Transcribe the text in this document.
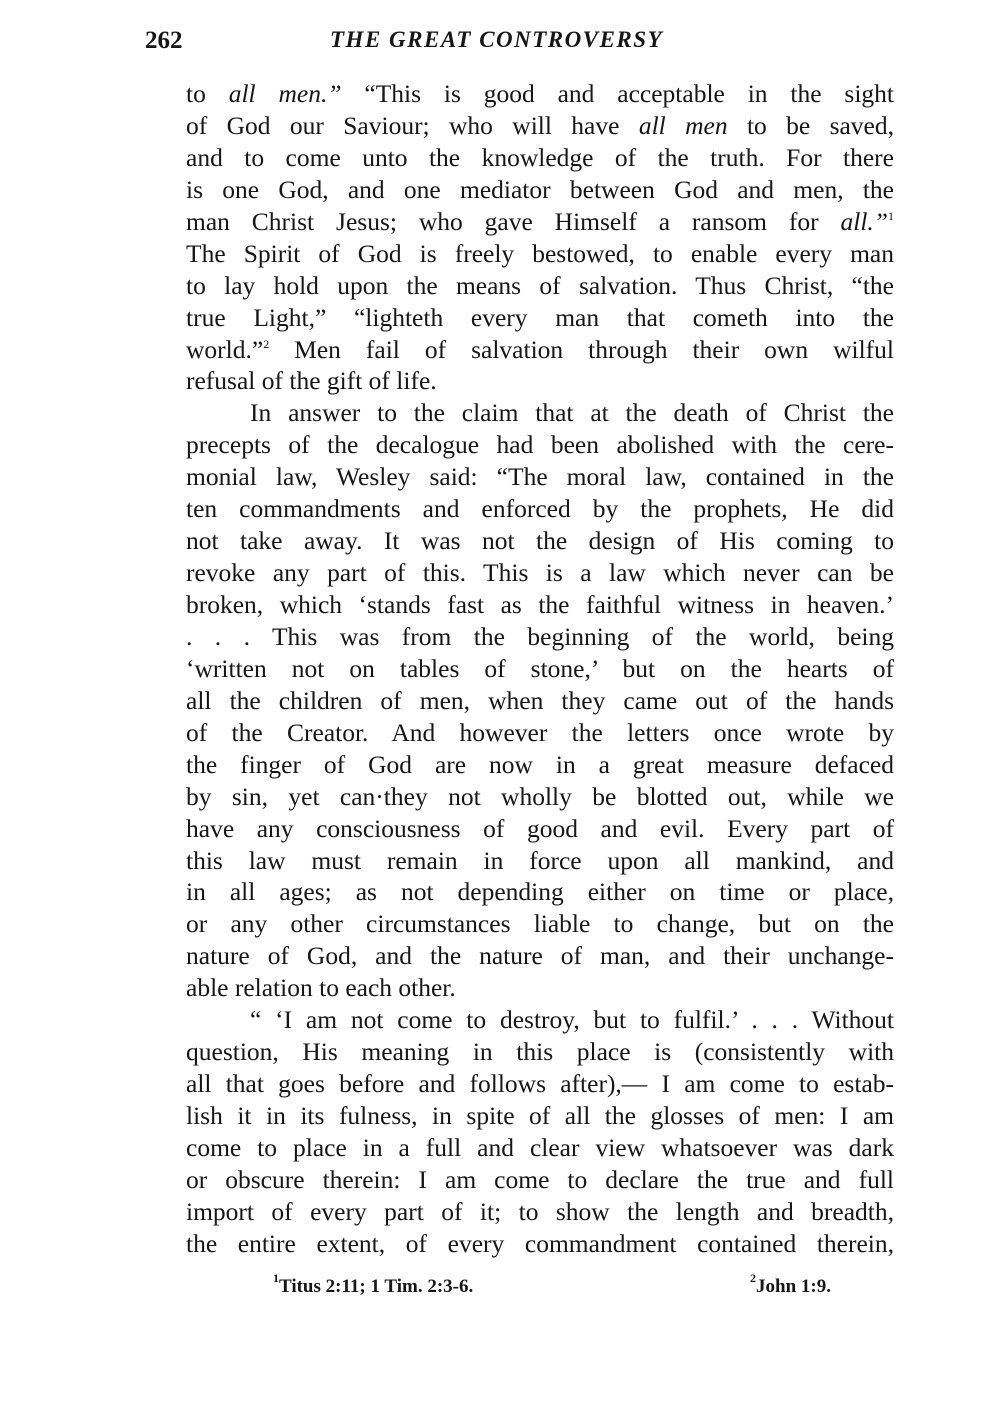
262	THE GREAT CONTROVERSY
to all men.” “This is good and acceptable in the sight
of God our Saviour; who will have all men to be saved,
and to come unto the knowledge of the truth. For there
is one God, and one mediator between God and men, the
man Christ Jesus; who gave Himself a ransom for all.”$^1$
The Spirit of God is freely bestowed, to enable every man
to lay hold upon the means of salvation. Thus Christ, “the
true Light,” “lighteth every man that cometh into the
world.”$^2$ Men fail of salvation through their own wilful
refusal of the gift of life.
In answer to the claim that at the death of Christ the
precepts of the decalogue had been abolished with the cere-
monial law, Wesley said: “The moral law, contained in the
ten commandments and enforced by the prophets, He did
not take away. It was not the design of His coming to
revoke any part of this. This is a law which never can be
broken, which ‘stands fast as the faithful witness in heaven.’
. . . This was from the beginning of the world, being
‘written not on tables of stone,’ but on the hearts of
all the children of men, when they came out of the hands
of the Creator. And however the letters once wrote by
the finger of God are now in a great measure defaced
by sin, yet can·they not wholly be blotted out, while we
have any consciousness of good and evil. Every part of
this law must remain in force upon all mankind, and
in all ages; as not depending either on time or place,
or any other circumstances liable to change, but on the
nature of God, and the nature of man, and their unchange-
able relation to each other.
“ ‘I am not come to destroy, but to fulfil.’ . . . Without
question, His meaning in this place is (consistently with
all that goes before and follows after),— I am come to estab-
lish it in its fulness, in spite of all the glosses of men: I am
come to place in a full and clear view whatsoever was dark
or obscure therein: I am come to declare the true and full
import of every part of it; to show the length and breadth,
the entire extent, of every commandment contained therein,
$^1$Titus 2:11; 1 Tim. 2:3-6.	$^2$John 1:9.
